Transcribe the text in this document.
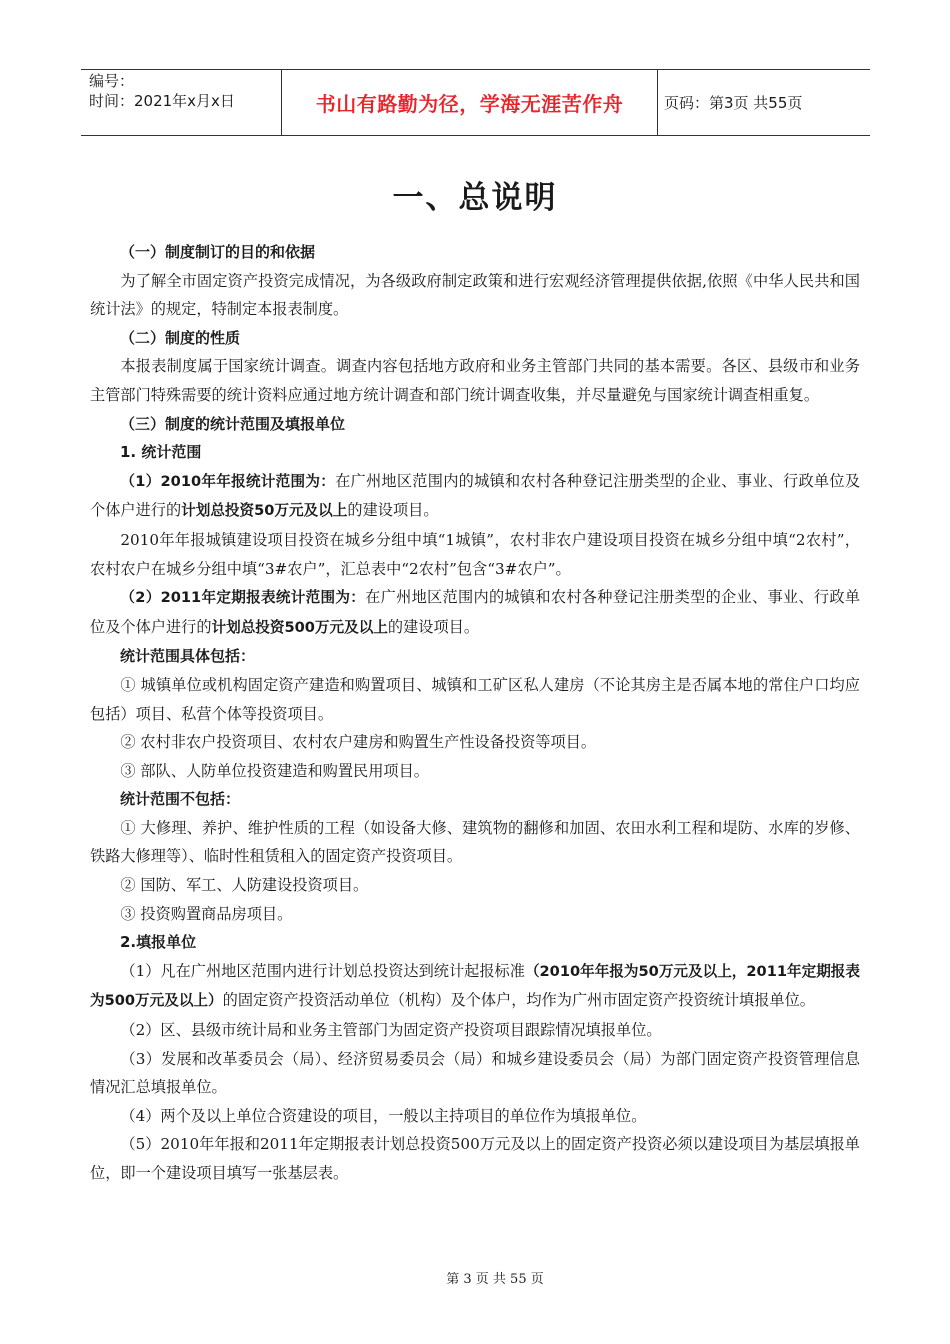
编号：
时间：2021年x月x日	书山有路勤为径，学海无涯苦作舟	页码：第3页 共55页
一、总说明

（一）制度制订的目的和依据

为了解全市固定资产投资完成情况，为各级政府制定政策和进行宏观经济管理提供依据,依照《中华人民共和国统计法》的规定，特制定本报表制度。

（二）制度的性质

本报表制度属于国家统计调查。调查内容包括地方政府和业务主管部门共同的基本需要。各区、县级市和业务主管部门特殊需要的统计资料应通过地方统计调查和部门统计调查收集，并尽量避免与国家统计调查相重复。

（三）制度的统计范围及填报单位

1. 统计范围

（1）2010年年报统计范围为：在广州地区范围内的城镇和农村各种登记注册类型的企业、事业、行政单位及个体户进行的计划总投资50万元及以上的建设项目。

2010年年报城镇建设项目投资在城乡分组中填“1城镇”，农村非农户建设项目投资在城乡分组中填“2农村”，农村农户在城乡分组中填“3#农户”，汇总表中“2农村”包含“3#农户”。

（2）2011年定期报表统计范围为：在广州地区范围内的城镇和农村各种登记注册类型的企业、事业、行政单位及个体户进行的计划总投资500万元及以上的建设项目。

统计范围具体包括：

① 城镇单位或机构固定资产建造和购置项目、城镇和工矿区私人建房（不论其房主是否属本地的常住户口均应包括）项目、私营个体等投资项目。

② 农村非农户投资项目、农村农户建房和购置生产性设备投资等项目。

③ 部队、人防单位投资建造和购置民用项目。

统计范围不包括：

① 大修理、养护、维护性质的工程（如设备大修、建筑物的翻修和加固、农田水利工程和堤防、水库的岁修、铁路大修理等）、临时性租赁租入的固定资产投资项目。

② 国防、军工、人防建设投资项目。

③ 投资购置商品房项目。

2.填报单位

（1）凡在广州地区范围内进行计划总投资达到统计起报标准（2010年年报为50万元及以上，2011年定期报表为500万元及以上）的固定资产投资活动单位（机构）及个体户，均作为广州市固定资产投资统计填报单位。

（2）区、县级市统计局和业务主管部门为固定资产投资项目跟踪情况填报单位。

（3）发展和改革委员会（局）、经济贸易委员会（局）和城乡建设委员会（局）为部门固定资产投资管理信息情况汇总填报单位。

（4）两个及以上单位合资建设的项目，一般以主持项目的单位作为填报单位。

（5）2010年年报和2011年定期报表计划总投资500万元及以上的固定资产投资必须以建设项目为基层填报单位，即一个建设项目填写一张基层表。

第 3 页 共 55 页
